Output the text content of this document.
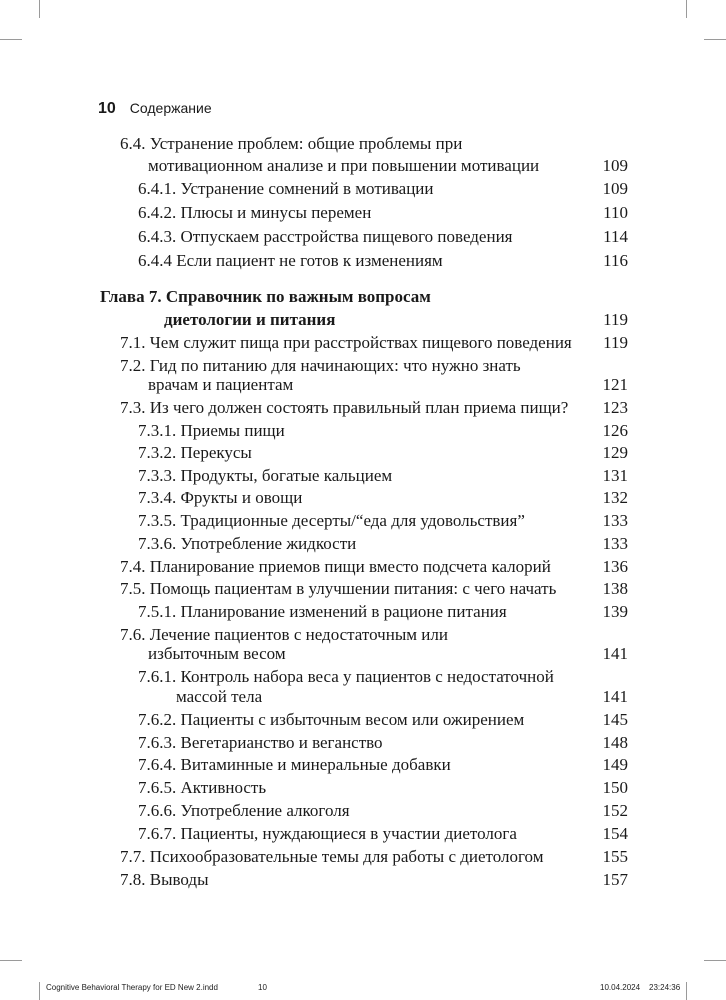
10 Содержание
6.4. Устранение проблем: общие проблемы при
мотивационном анализе и при повышении мотивации	109
6.4.1. Устранение сомнений в мотивации	109
6.4.2. Плюсы и минусы перемен	110
6.4.3. Отпускаем расстройства пищевого поведения	114
6.4.4 Если пациент не готов к изменениям	116
Глава 7. Справочник по важным вопросам
диетологии и питания	119
7.1. Чем служит пища при расстройствах пищевого поведения 119
7.2. Гид по питанию для начинающих: что нужно знать
врачам и пациентам	121
7.3. Из чего должен состоять правильный план приема пищи? 123
7.3.1. Приемы пищи	126
7.3.2. Перекусы	129
7.3.3. Продукты, богатые кальцием	131
7.3.4. Фрукты и овощи	132
7.3.5. Традиционные десерты/“еда для удовольствия”	133
7.3.6. Употребление жидкости	133
7.4. Планирование приемов пищи вместо подсчета калорий	136
7.5. Помощь пациентам в улучшении питания: с чего начать	138
7.5.1. Планирование изменений в рационе питания	139
7.6. Лечение пациентов с недостаточным или
избыточным весом	141
7.6.1. Контроль набора веса у пациентов с недостаточной
массой тела	141
7.6.2. Пациенты с избыточным весом или ожирением	145
7.6.3. Вегетарианство и веганство	148
7.6.4. Витаминные и минеральные добавки	149
7.6.5. Активность	150
7.6.6. Употребление алкоголя	152
7.6.7. Пациенты, нуждающиеся в участии диетолога	154
7.7. Психообразовательные темы для работы с диетологом	155
7.8. Выводы	157
Cognitive Behavioral Therapy for ED New 2.indd	10	10.04.2024 23:24:36
